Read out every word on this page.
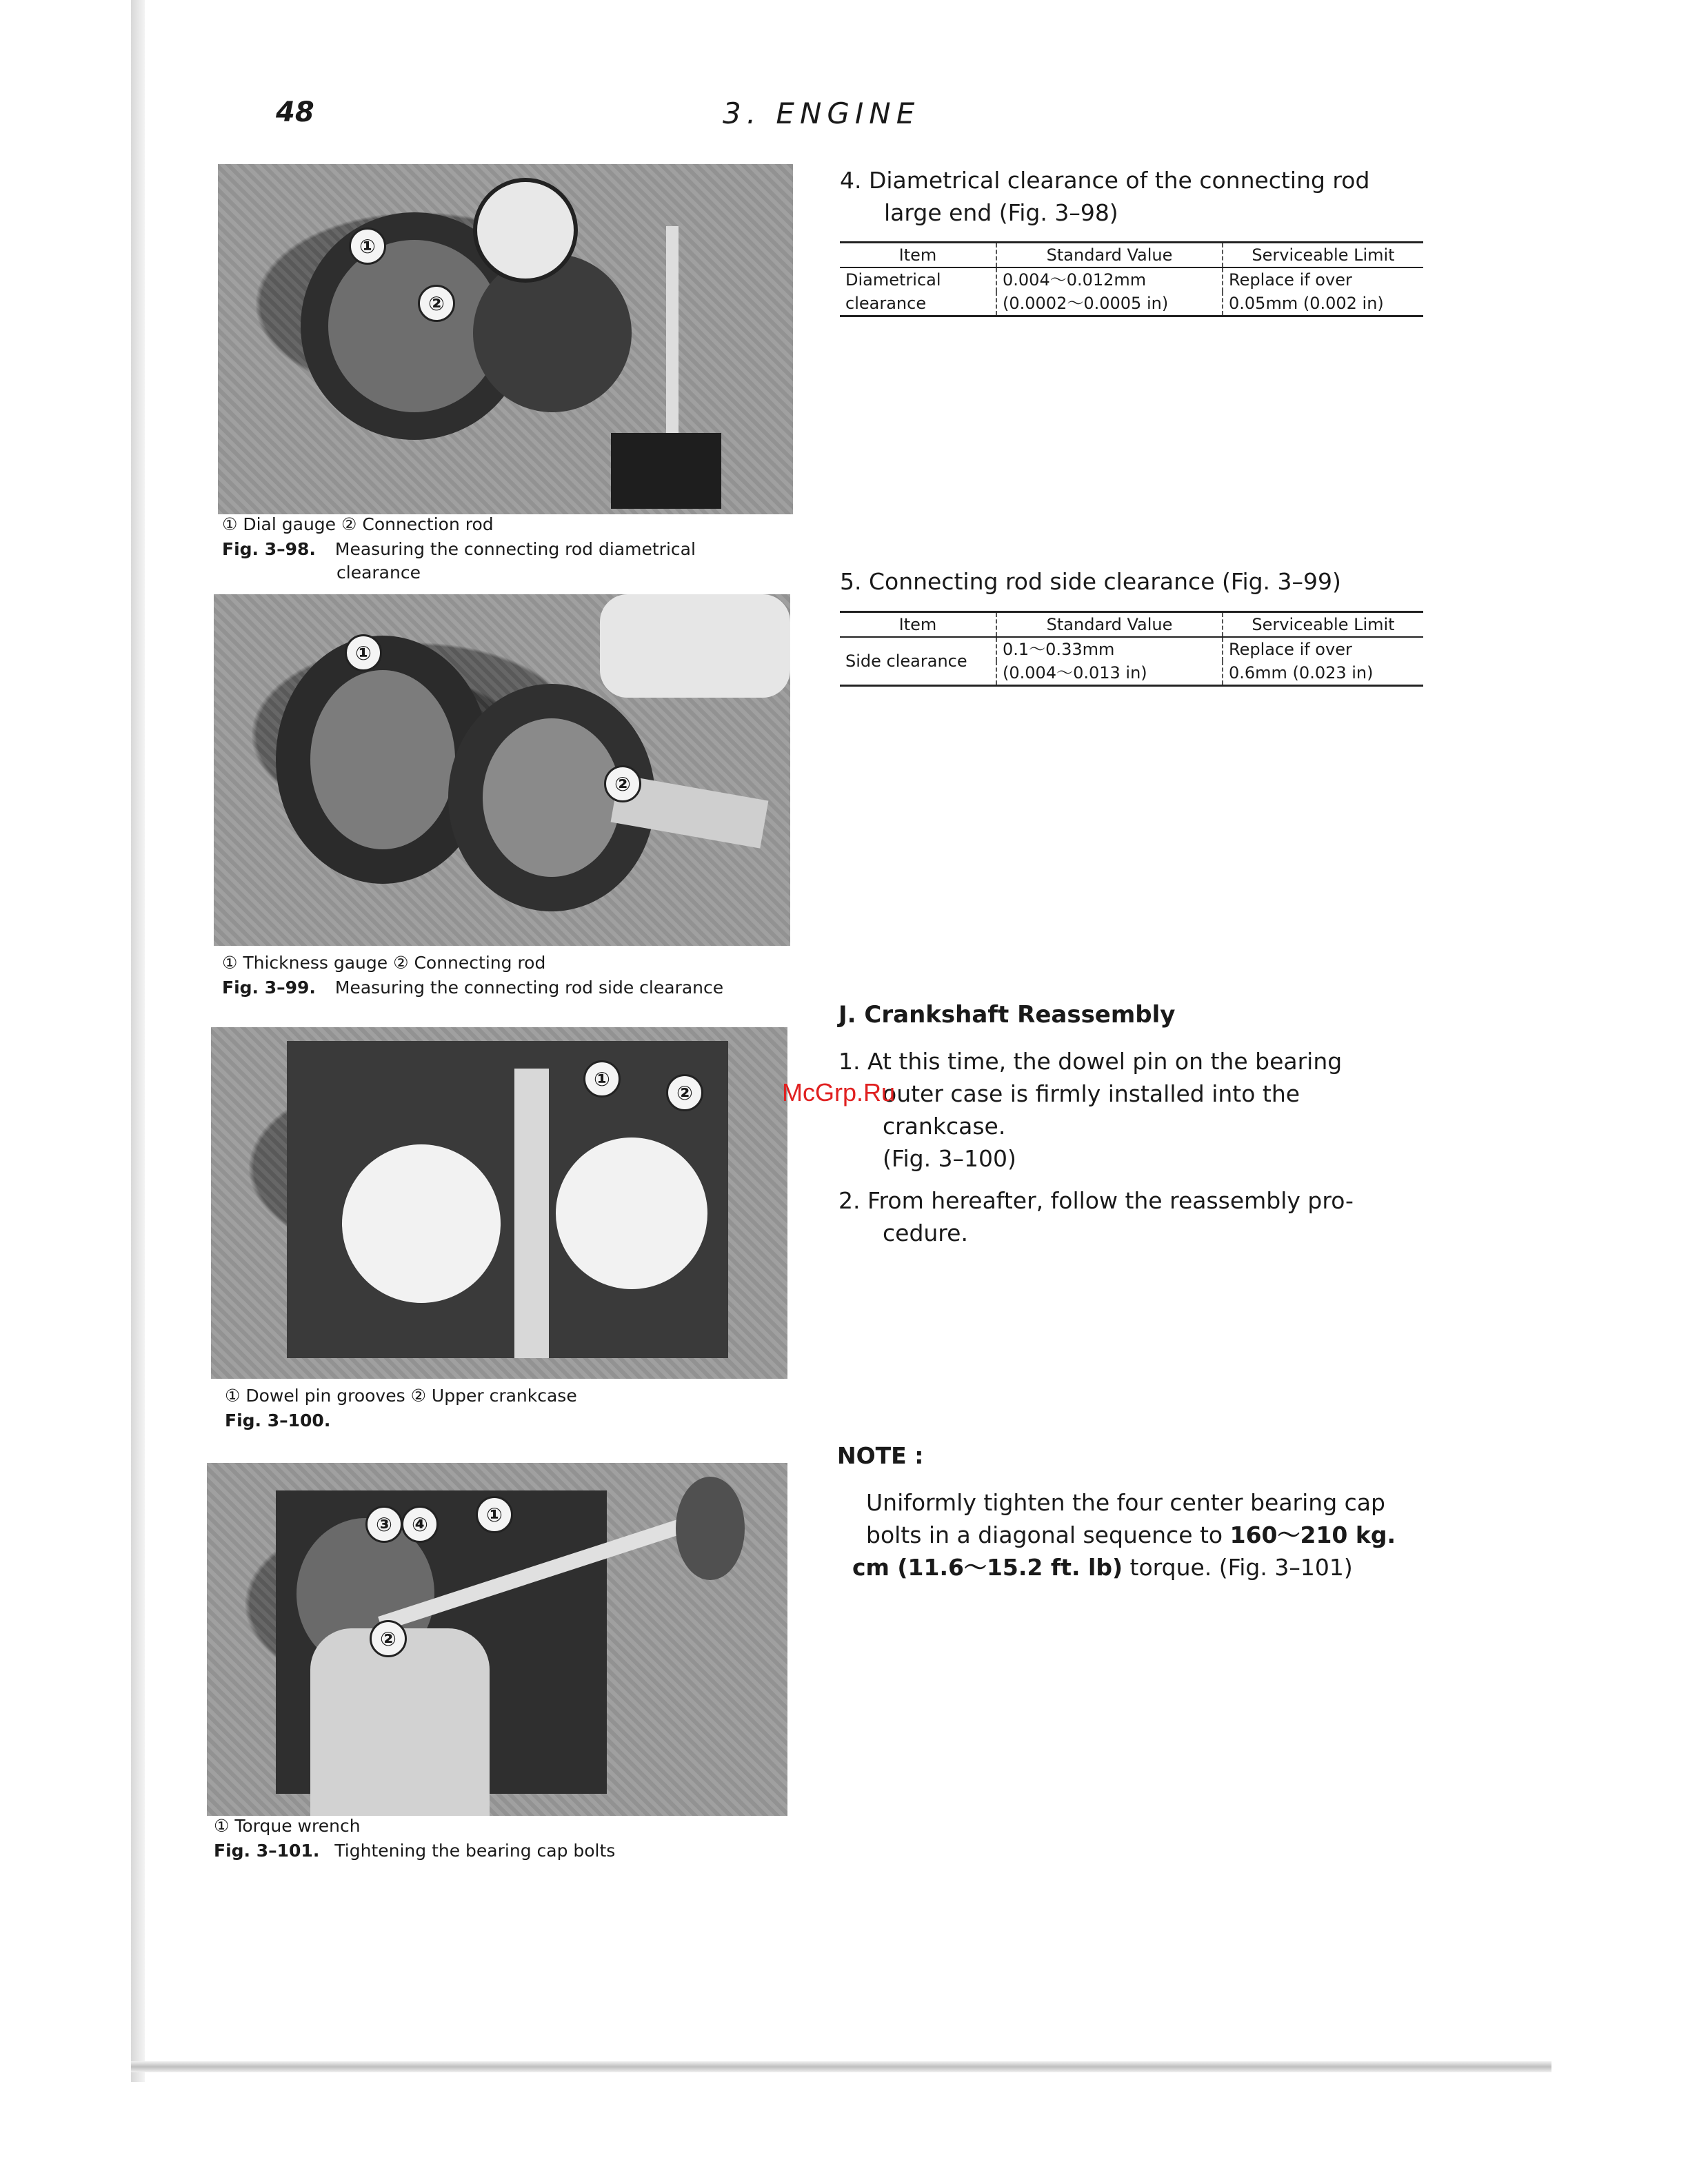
48	3. ENGINE
①
②
① Dial gauge ② Connection rod
Fig. 3–98. Measuring the connecting rod diametrical
clearance
①
②
① Thickness gauge ② Connecting rod
Fig. 3–99. Measuring the connecting rod side clearance
①
②
① Dowel pin grooves ② Upper crankcase
Fig. 3–100.
③	④	①
②
① Torque wrench
Fig. 3–101. Tightening the bearing cap bolts
4. Diametrical clearance of the connecting rod
large end (Fig. 3–98)
Item	Standard Value	Serviceable Limit
Diametrical	0.004～0.012mm	Replace if over
clearance	(0.0002～0.0005 in)	0.05mm (0.002 in)
5. Connecting rod side clearance (Fig. 3–99)
Item	Standard Value	Serviceable Limit
Side clearance	0.1～0.33mm	Replace if over
	(0.004～0.013 in)	0.6mm (0.023 in)
J. Crankshaft Reassembly
1. At this time, the dowel pin on the bearing
outer case is firmly installed into the crankcase.
(Fig. 3–100)
2. From hereafter, follow the reassembly pro-
cedure.
McGrp.Ru
NOTE :
Uniformly tighten the four center bearing cap
bolts in a diagonal sequence to 160～210 kg.
cm (11.6～15.2 ft. lb) torque. (Fig. 3–101)
